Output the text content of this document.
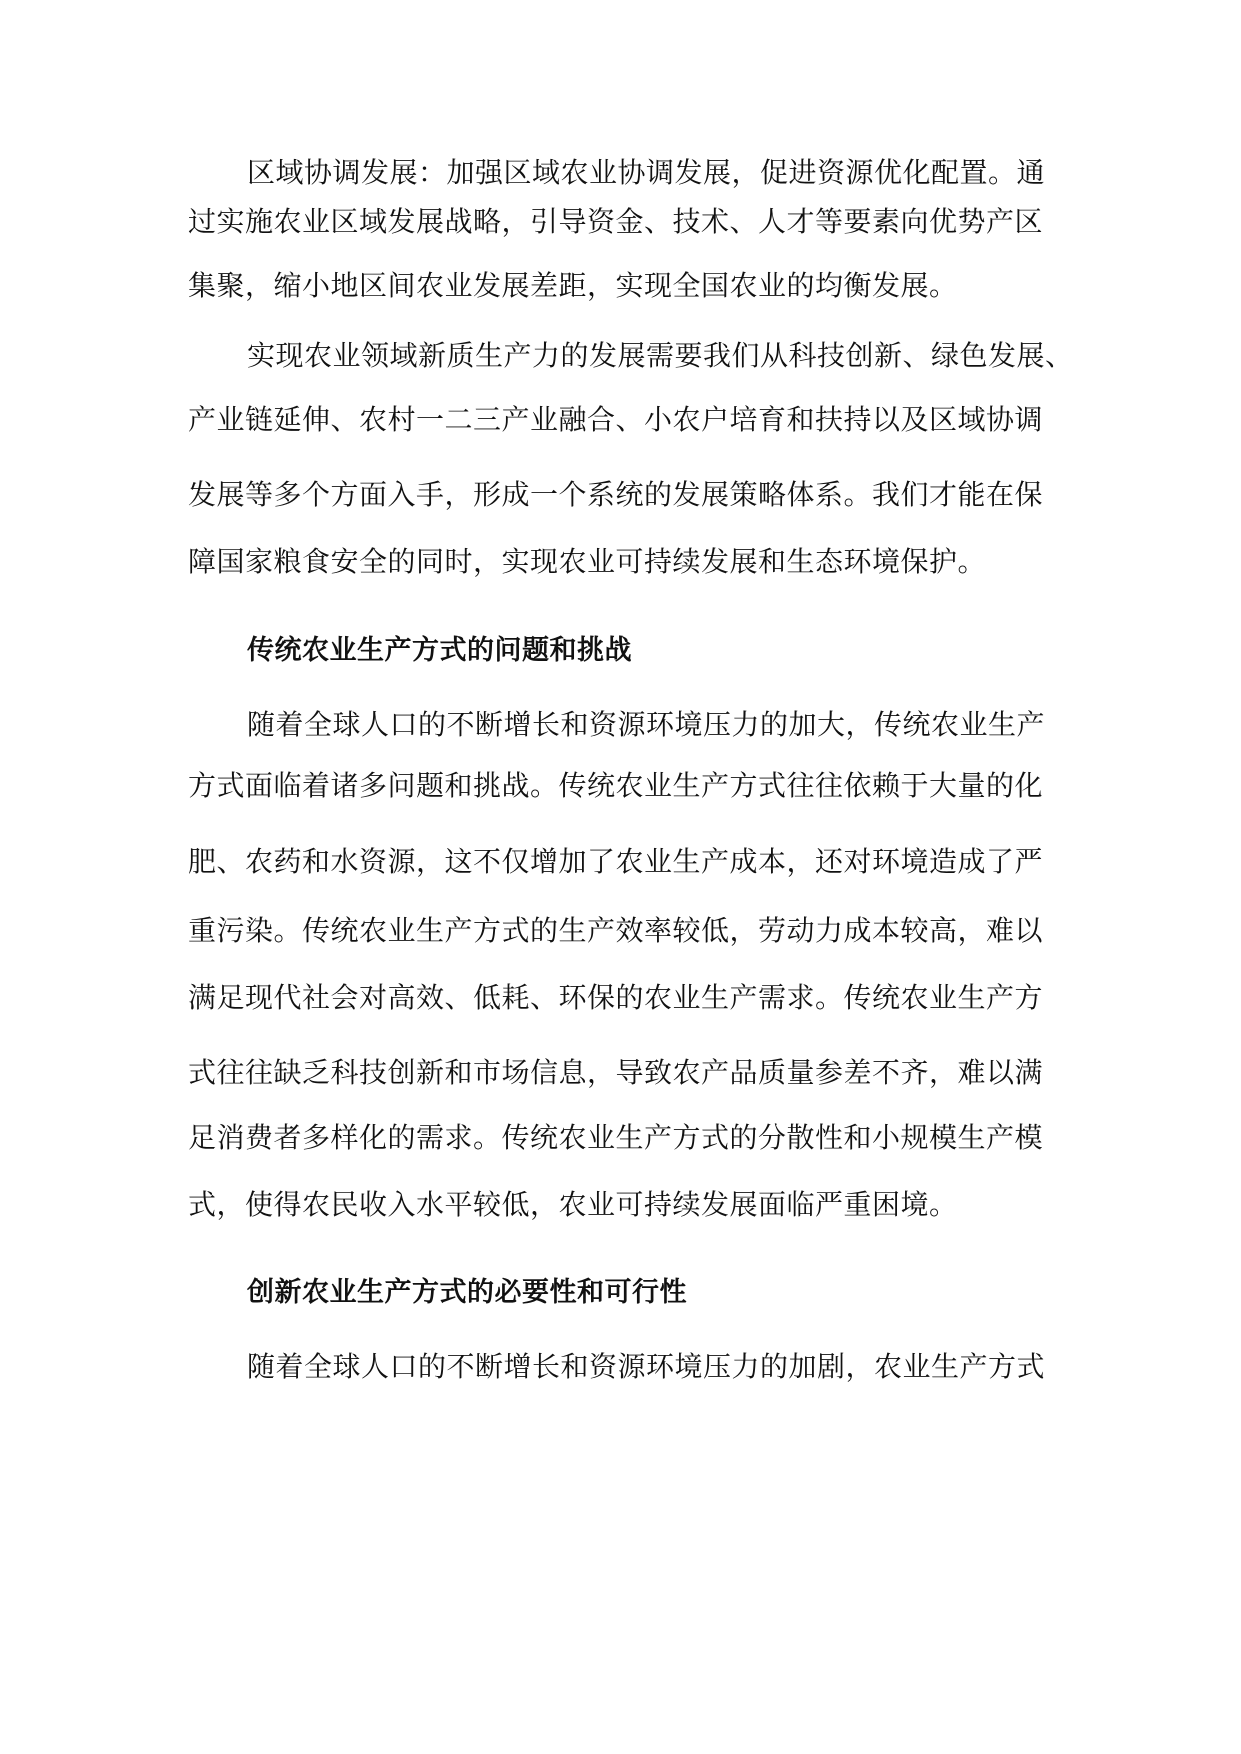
区域协调发展：加强区域农业协调发展，促进资源优化配置。通
过实施农业区域发展战略，引导资金、技术、人才等要素向优势产区
集聚，缩小地区间农业发展差距，实现全国农业的均衡发展。
实现农业领域新质生产力的发展需要我们从科技创新、绿色发展、
产业链延伸、农村一二三产业融合、小农户培育和扶持以及区域协调
发展等多个方面入手，形成一个系统的发展策略体系。我们才能在保
障国家粮食安全的同时，实现农业可持续发展和生态环境保护。
传统农业生产方式的问题和挑战
随着全球人口的不断增长和资源环境压力的加大，传统农业生产
方式面临着诸多问题和挑战。传统农业生产方式往往依赖于大量的化
肥、农药和水资源，这不仅增加了农业生产成本，还对环境造成了严
重污染。传统农业生产方式的生产效率较低，劳动力成本较高，难以
满足现代社会对高效、低耗、环保的农业生产需求。传统农业生产方
式往往缺乏科技创新和市场信息，导致农产品质量参差不齐，难以满
足消费者多样化的需求。传统农业生产方式的分散性和小规模生产模
式，使得农民收入水平较低，农业可持续发展面临严重困境。
创新农业生产方式的必要性和可行性
随着全球人口的不断增长和资源环境压力的加剧，农业生产方式
